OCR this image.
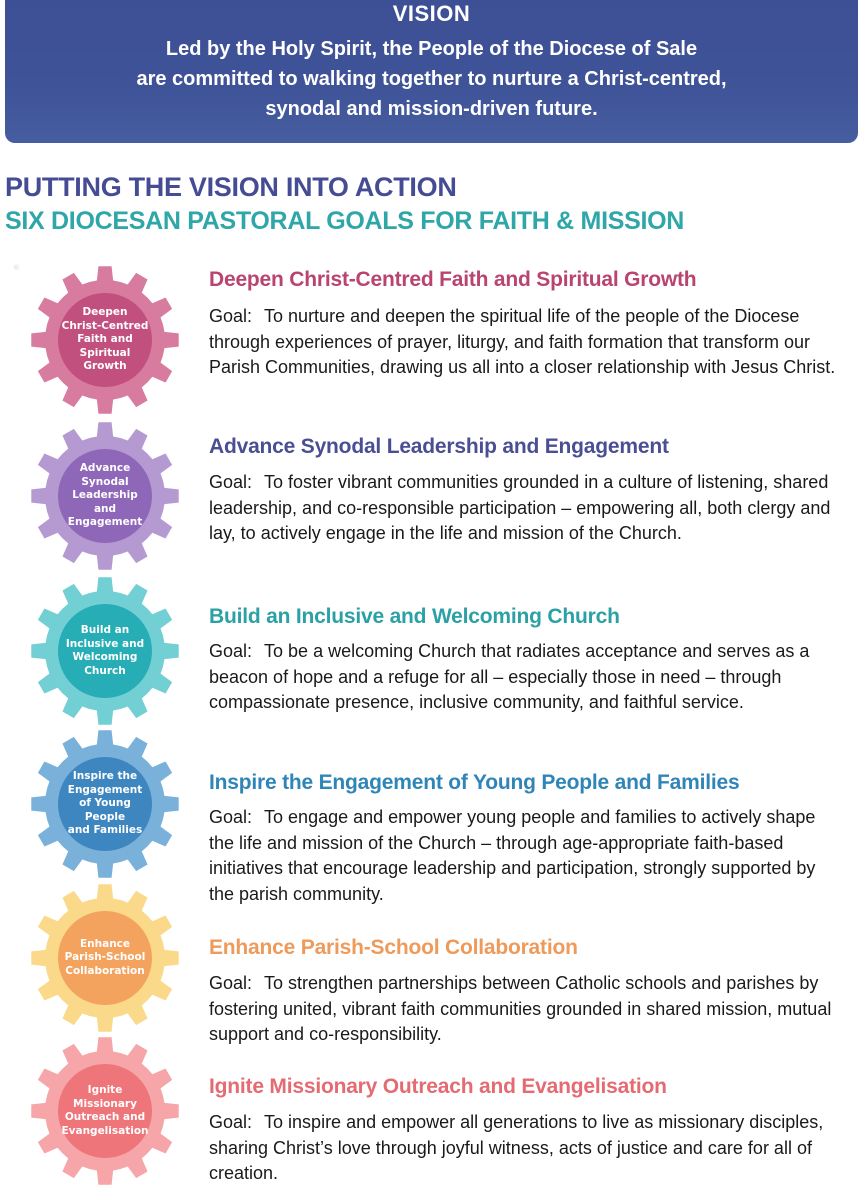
VISION
Led by the Holy Spirit, the People of the Diocese of Sale
are committed to walking together to nurture a Christ-centred,
synodal and mission-driven future.
PUTTING THE VISION INTO ACTION
SIX DIOCESAN PASTORAL GOALS FOR FAITH & MISSION
ⓒ
Deepen
Christ-Centred
Faith and
Spiritual Growth
Deepen Christ-Centred Faith and Spiritual Growth
Goal: To nurture and deepen the spiritual life of the people of the Diocese through experiences of prayer, liturgy, and faith formation that transform our Parish Communities, drawing us all into a closer relationship with Jesus Christ.
Advance
Synodal
Leadership and
Engagement
Advance Synodal Leadership and Engagement
Goal: To foster vibrant communities grounded in a culture of listening, shared leadership, and co-responsible participation – empowering all, both clergy and lay, to actively engage in the life and mission of the Church.
Build an
Inclusive and
Welcoming
Church
Build an Inclusive and Welcoming Church
Goal: To be a welcoming Church that radiates acceptance and serves as a beacon of hope and a refuge for all – especially those in need – through compassionate presence, inclusive community, and faithful service.
Inspire the
Engagement
of Young People
and Families
Inspire the Engagement of Young People and Families
Goal: To engage and empower young people and families to actively shape the life and mission of the Church – through age-appropriate faith-based initiatives that encourage leadership and participation, strongly supported by the parish community.
Enhance
Parish-School
Collaboration
Enhance Parish-School Collaboration
Goal: To strengthen partnerships between Catholic schools and parishes by fostering united, vibrant faith communities grounded in shared mission, mutual support and co-responsibility.
Ignite
Missionary
Outreach and
Evangelisation
Ignite Missionary Outreach and Evangelisation
Goal: To inspire and empower all generations to live as missionary disciples, sharing Christ’s love through joyful witness, acts of justice and care for all of creation.
